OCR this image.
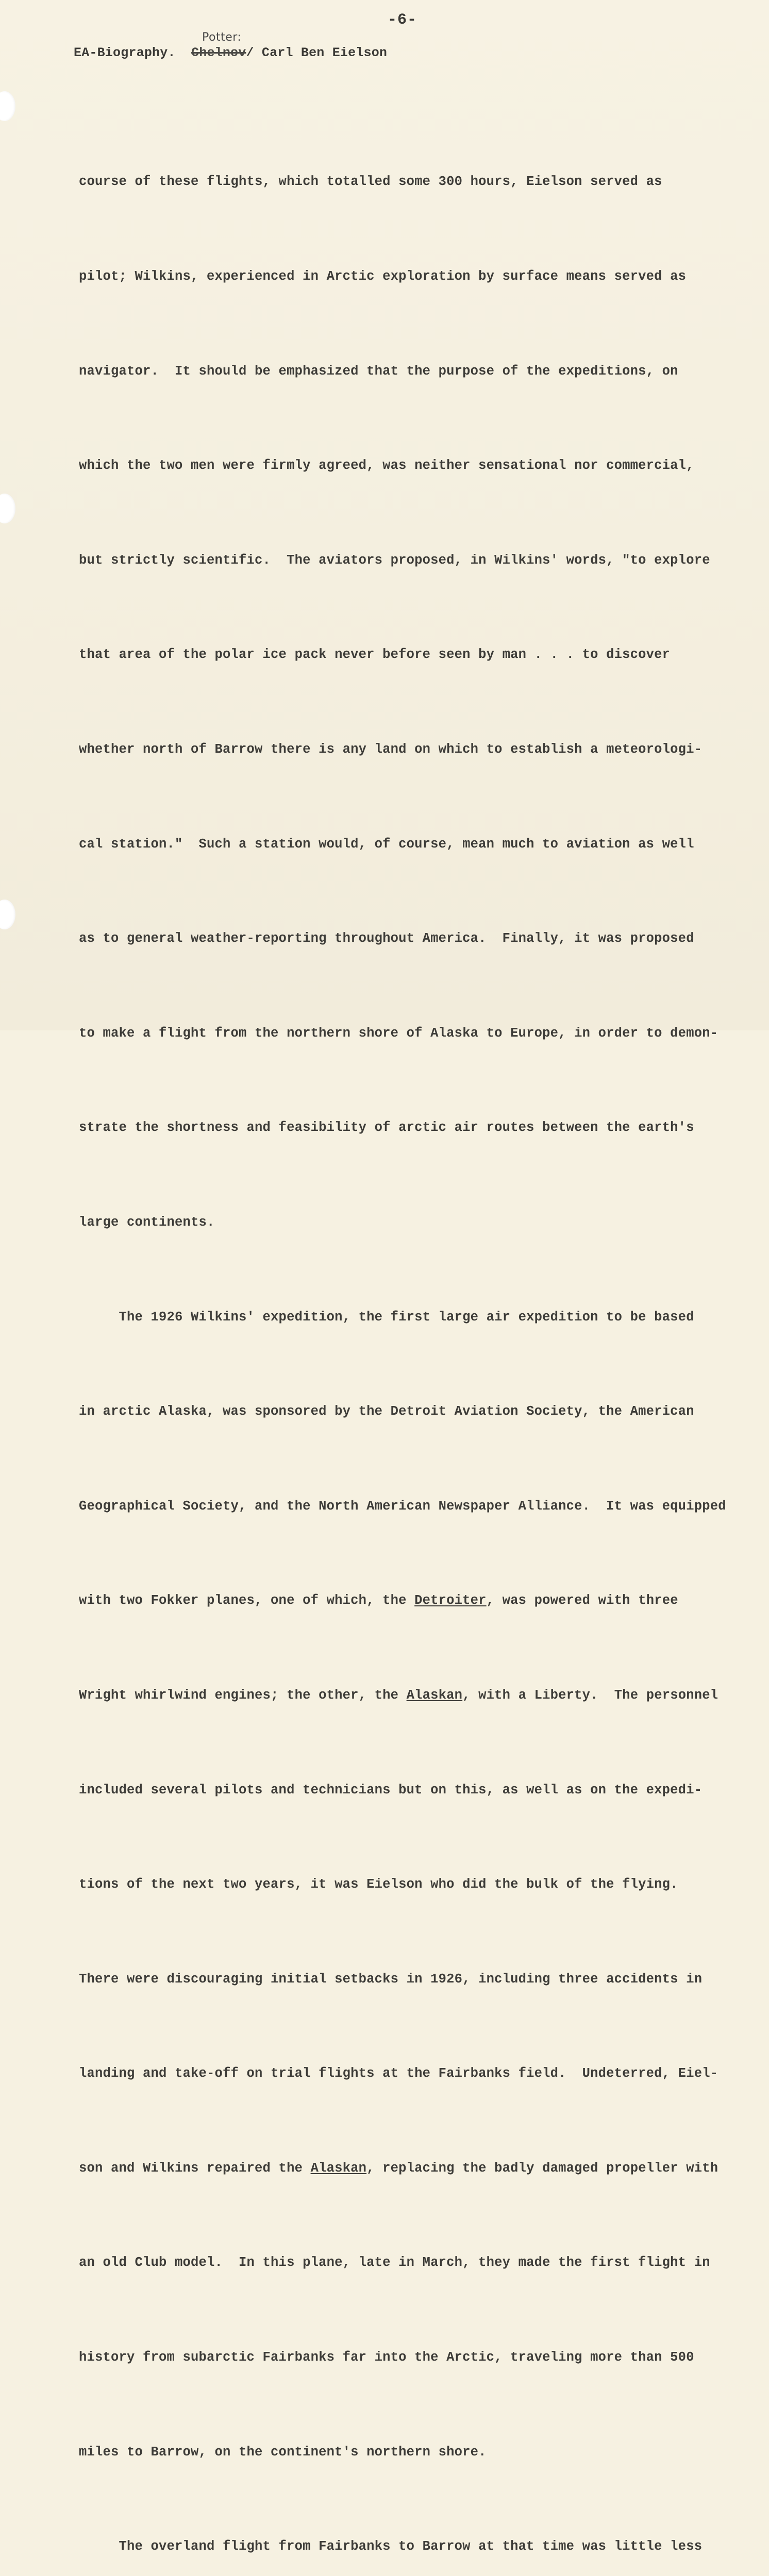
-6-
Potter:
EA-Biography. Chelnov/ Carl Ben Eielson

course of these flights, which totalled some 300 hours, Eielson served as

pilot; Wilkins, experienced in Arctic exploration by surface means served as

navigator.  It should be emphasized that the purpose of the expeditions, on

which the two men were firmly agreed, was neither sensational nor commercial,

but strictly scientific.  The aviators proposed, in Wilkins' words, "to explore

that area of the polar ice pack never before seen by man . . . to discover

whether north of Barrow there is any land on which to establish a meteorologi-

cal station."  Such a station would, of course, mean much to aviation as well

as to general weather-reporting throughout America.  Finally, it was proposed

to make a flight from the northern shore of Alaska to Europe, in order to demon-

strate the shortness and feasibility of arctic air routes between the earth's

large continents.

The 1926 Wilkins' expedition, the first large air expedition to be based

in arctic Alaska, was sponsored by the Detroit Aviation Society, the American

Geographical Society, and the North American Newspaper Alliance.  It was equipped

with two Fokker planes, one of which, the Detroiter, was powered with three

Wright whirlwind engines; the other, the Alaskan, with a Liberty.  The personnel

included several pilots and technicians but on this, as well as on the expedi-

tions of the next two years, it was Eielson who did the bulk of the flying.

There were discouraging initial setbacks in 1926, including three accidents in

landing and take-off on trial flights at the Fairbanks field.  Undeterred, Eiel-

son and Wilkins repaired the Alaskan, replacing the badly damaged propeller with

an old Club model.  In this plane, late in March, they made the first flight in

history from subarctic Fairbanks far into the Arctic, traveling more than 500

miles to Barrow, on the continent's northern shore.

The overland flight from Fairbanks to Barrow at that time was little less
